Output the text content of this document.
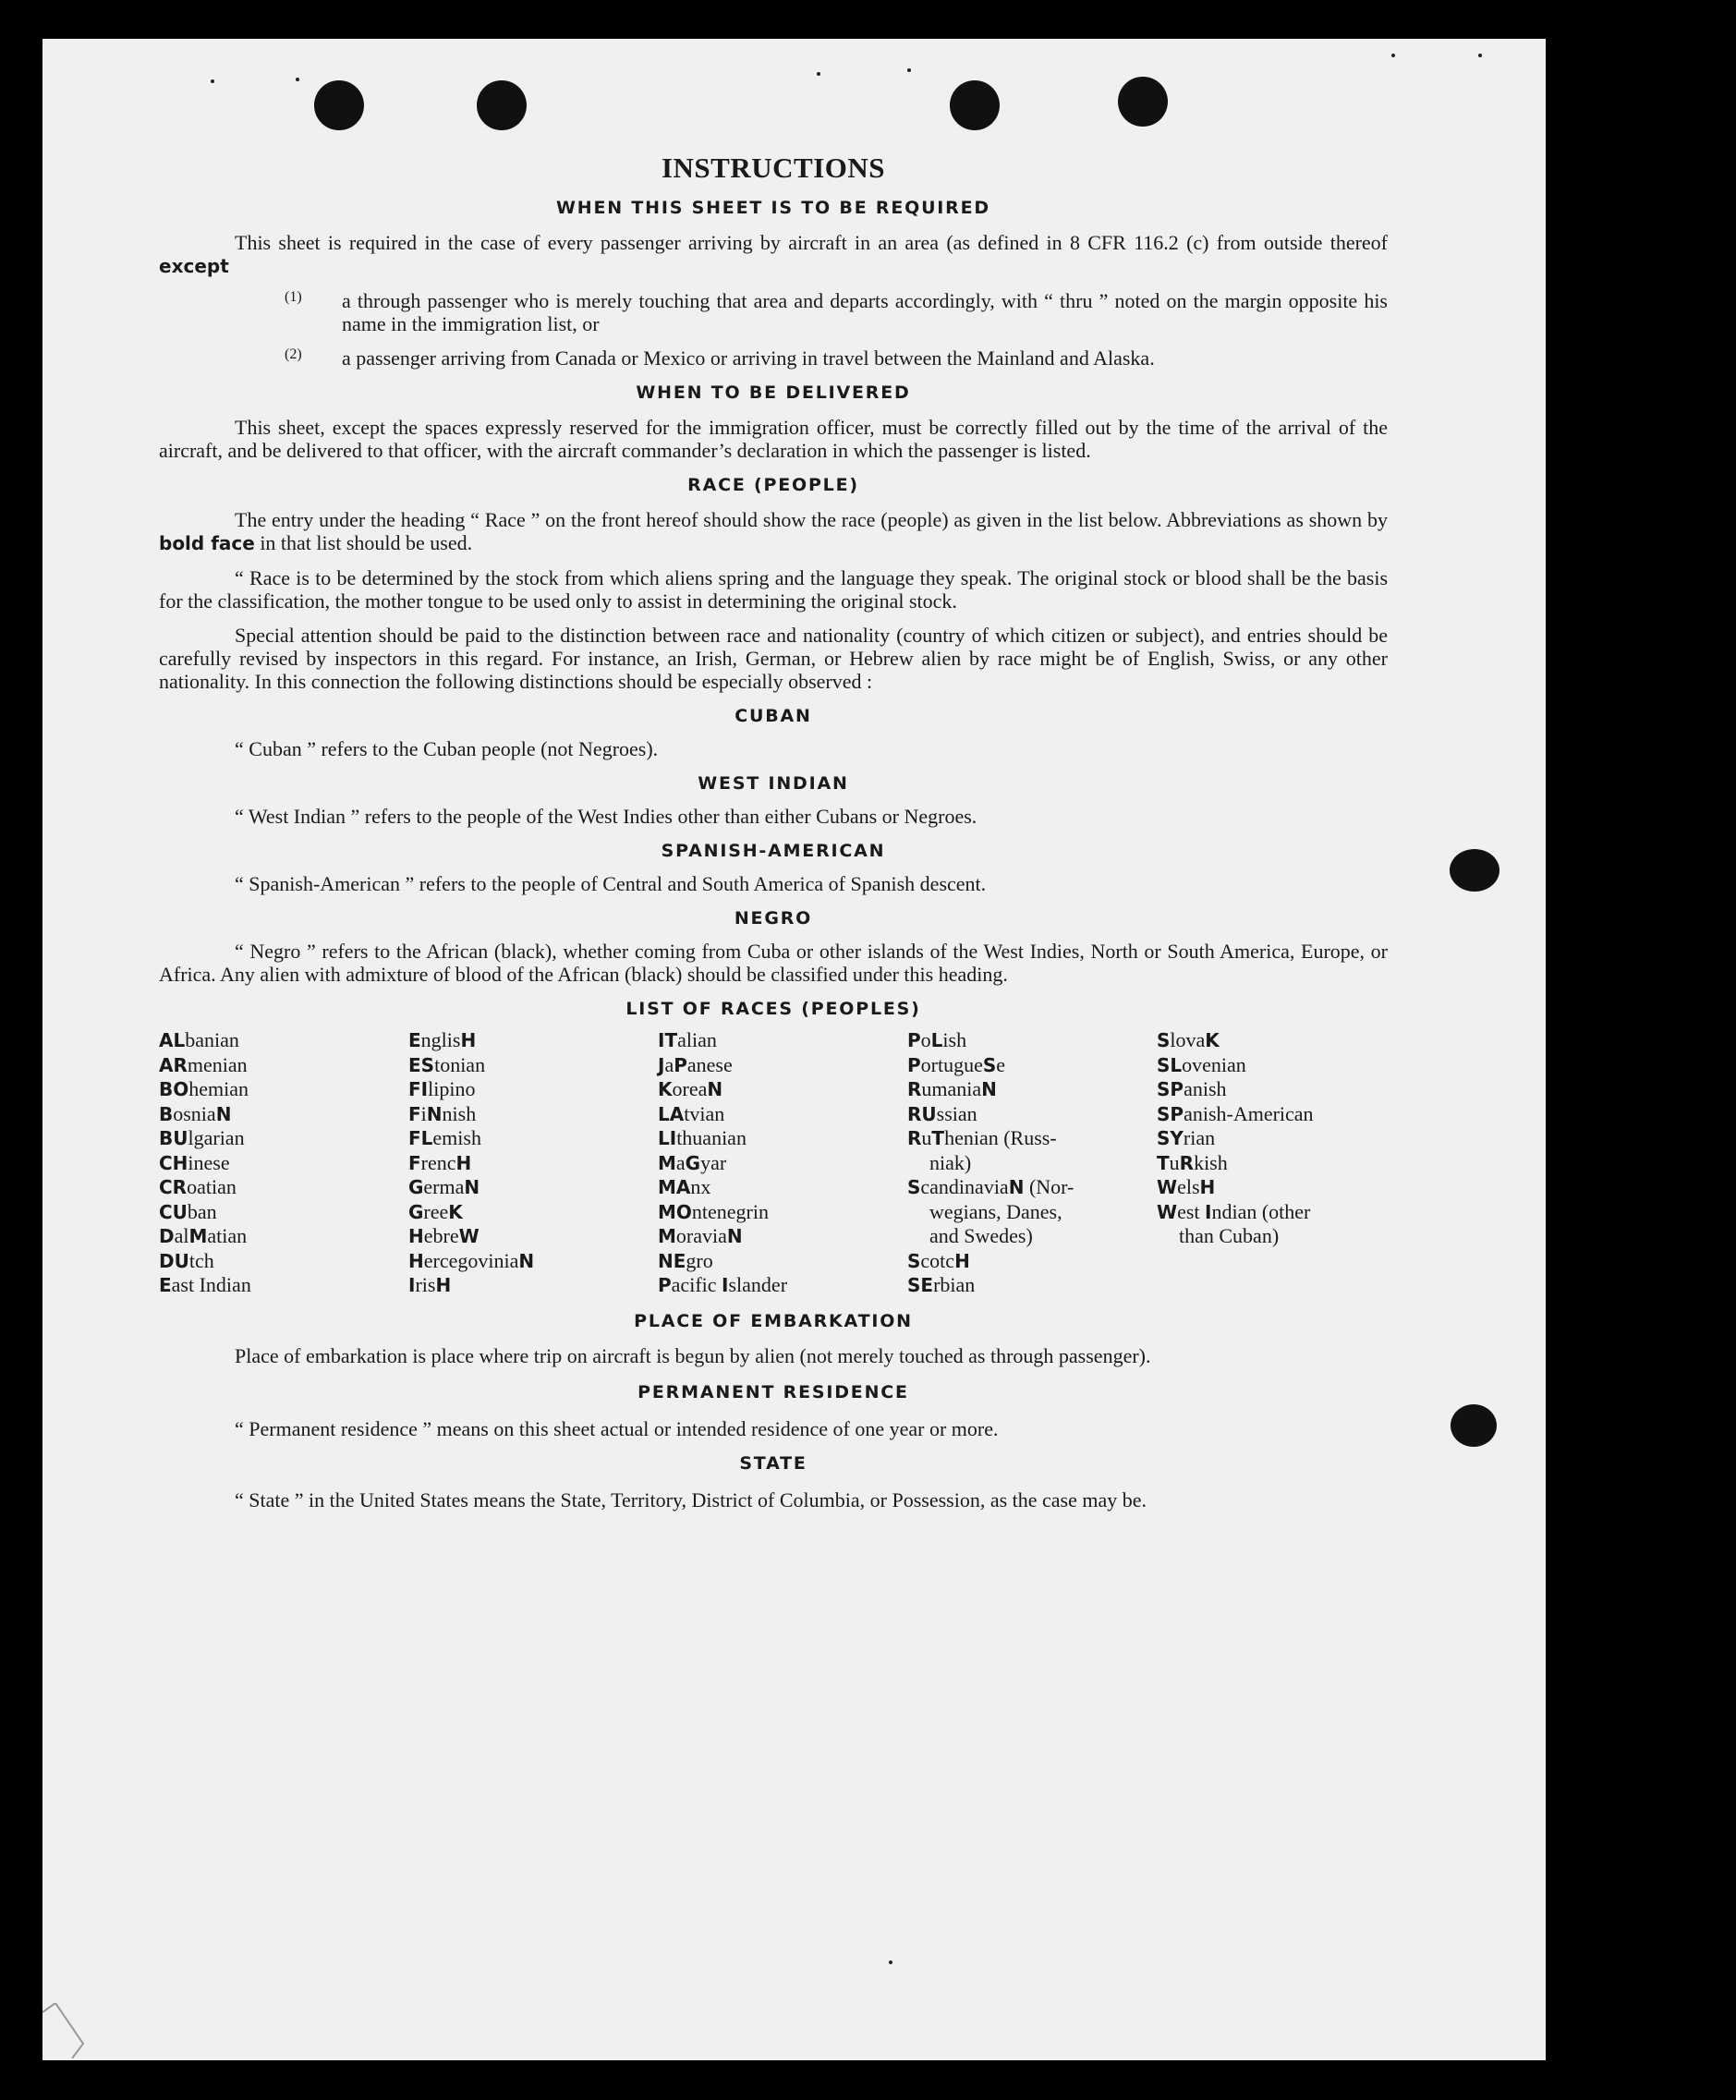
INSTRUCTIONS
WHEN THIS SHEET IS TO BE REQUIRED

This sheet is required in the case of every passenger arriving by aircraft in an area (as defined in 8 CFR 116.2 (c) from outside thereof except

(1)	a through passenger who is merely touching that area and departs accordingly, with “ thru ” noted on the margin opposite his name in the immigration list, or

(2)	a passenger arriving from Canada or Mexico or arriving in travel between the Mainland and Alaska.

WHEN TO BE DELIVERED

This sheet, except the spaces expressly reserved for the immigration officer, must be correctly filled out by the time of the arrival of the aircraft, and be delivered to that officer, with the aircraft commander’s declaration in which the passenger is listed.

RACE (PEOPLE)

The entry under the heading “ Race ” on the front hereof should show the race (people) as given in the list below. Abbreviations as shown by bold face in that list should be used.

“ Race is to be determined by the stock from which aliens spring and the language they speak. The original stock or blood shall be the basis for the classification, the mother tongue to be used only to assist in determining the original stock.

Special attention should be paid to the distinction between race and nationality (country of which citizen or subject), and entries should be carefully revised by inspectors in this regard. For instance, an Irish, German, or Hebrew alien by race might be of English, Swiss, or any other nationality. In this connection the following distinctions should be especially observed :

CUBAN

“ Cuban ” refers to the Cuban people (not Negroes).

WEST INDIAN

“ West Indian ” refers to the people of the West Indies other than either Cubans or Negroes.

SPANISH-AMERICAN

“ Spanish-American ” refers to the people of Central and South America of Spanish descent.

NEGRO

“ Negro ” refers to the African (black), whether coming from Cuba or other islands of the West Indies, North or South America, Europe, or Africa. Any alien with admixture of blood of the African (black) should be classified under this heading.

LIST OF RACES (PEOPLES)
ALbanian
ARmenian
BOhemian
BosniaN
BUlgarian
CHinese
CRoatian
CUban
DalMatian
DUtch
East Indian
EnglisH
EStonian
FIlipino
FiNnish
FLemish
FrencH
GermaN
GreeK
HebreW
HercegoviniaN
IrisH
ITalian
JaPanese
KoreaN
LAtvian
LIthuanian
MaGyar
MAnx
MOntenegrin
MoraviaN
NEgro
Pacific Islander
PoLish
PortugueSe
RumaniaN
RUssian
RuThenian (Russ-
niak)
ScandinaviaN (Nor-
wegians, Danes,
and Swedes)
ScotcH
SErbian
SlovaK
SLovenian
SPanish
SPanish-American
SYrian
TuRkish
WelsH
West Indian (other
than Cuban)
PLACE OF EMBARKATION

Place of embarkation is place where trip on aircraft is begun by alien (not merely touched as through passenger).

PERMANENT RESIDENCE

“ Permanent residence ” means on this sheet actual or intended residence of one year or more.

STATE

“ State ” in the United States means the State, Territory, District of Columbia, or Possession, as the case may be.
